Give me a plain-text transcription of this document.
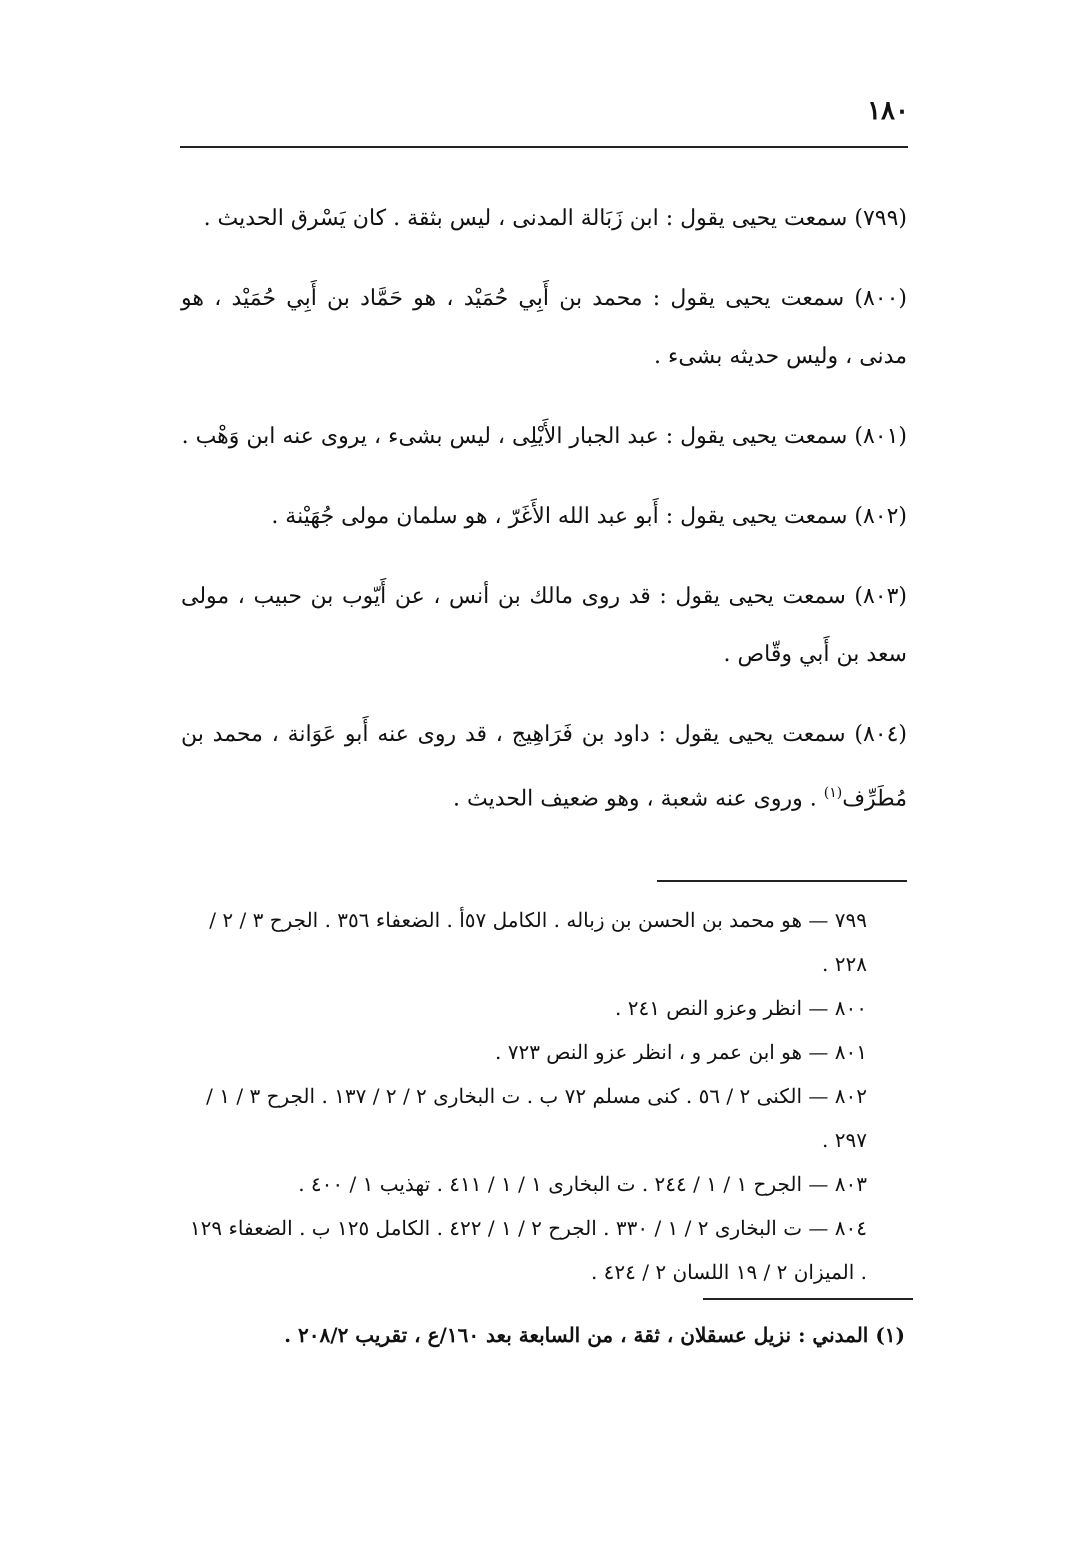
١٨٠

(٧٩٩) سمعت يحيى يقول : ابن زَبَالة المدنى ، ليس بثقة . كان يَسْرق الحديث .

(٨٠٠) سمعت يحيى يقول : محمد بن أَبِي حُمَيْد ، هو حَمَّاد بن أَبِي حُمَيْد ، هو مدنى ، وليس حديثه بشىء .

(٨٠١) سمعت يحيى يقول : عبد الجبار الأَيْلِى ، ليس بشىء ، يروى عنه ابن وَهْب .

(٨٠٢) سمعت يحيى يقول : أَبو عبد الله الأَغَرّ ، هو سلمان مولى جُهَيْنة .

(٨٠٣) سمعت يحيى يقول : قد روى مالك بن أنس ، عن أَيّوب بن حبيب ، مولى سعد بن أَبي وقّاص .

(٨٠٤) سمعت يحيى يقول : داود بن فَرَاهِيج ، قد روى عنه أَبو عَوَانة ، محمد بن مُطَرِّف$^{(١)}$ . وروى عنه شعبة ، وهو ضعيف الحديث .

٧٩٩ — هو محمد بن الحسن بن زباله . الكامل ٥٧أ . الضعفاء ٣٥٦ . الجرح ٣ / ٢ / ٢٢٨ .
٨٠٠ — انظر وعزو النص ٢٤١ .
٨٠١ — هو ابن عمر و ، انظر عزو النص ٧٢٣ .
٨٠٢ — الكنى ٢ / ٥٦ . كنى مسلم ٧٢ ب . ت البخارى ٢ / ٢ / ١٣٧ . الجرح ٣ / ١ / ٢٩٧ .
٨٠٣ — الجرح ١ / ١ / ٢٤٤ . ت البخارى ١ / ١ / ٤١١ . تهذيب ١ / ٤٠٠ .
٨٠٤ — ت البخارى ٢ / ١ / ٣٣٠ . الجرح ٢ / ١ / ٤٢٢ . الكامل ١٢٥ ب . الضعفاء ١٢٩ . الميزان ٢ / ١٩ اللسان ٢ / ٤٢٤ .
(١) المدني : نزيل عسقلان ، ثقة ، من السابعة بعد ١٦٠/ع ، تقريب ٢٠٨/٢ .
